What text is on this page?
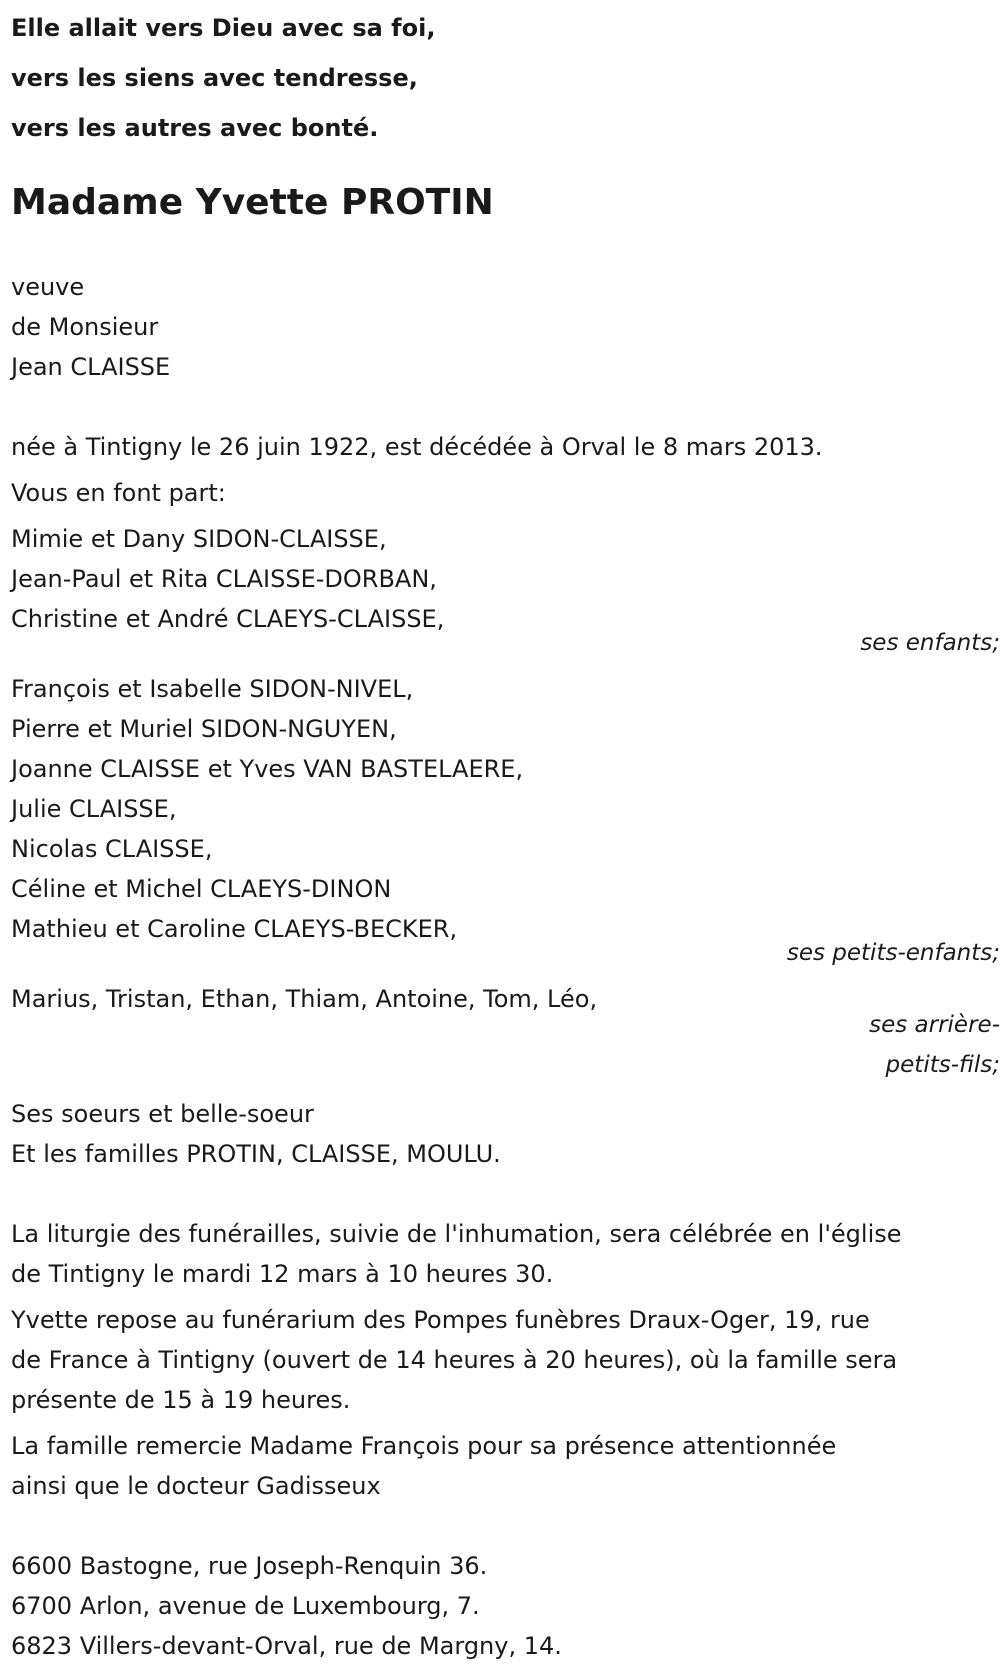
Elle allait vers Dieu avec sa foi,
vers les siens avec tendresse,
vers les autres avec bonté.
Madame Yvette PROTIN
veuve
de Monsieur
Jean CLAISSE
née à Tintigny le 26 juin 1922, est décédée à Orval le 8 mars 2013.
Vous en font part:
Mimie et Dany SIDON-CLAISSE,
Jean-Paul et Rita CLAISSE-DORBAN,
Christine et André CLAEYS-CLAISSE,
ses enfants;
François et Isabelle SIDON-NIVEL,
Pierre et Muriel SIDON-NGUYEN,
Joanne CLAISSE et Yves VAN BASTELAERE,
Julie CLAISSE,
Nicolas CLAISSE,
Céline et Michel CLAEYS-DINON
Mathieu et Caroline CLAEYS-BECKER,
ses petits-enfants;
Marius, Tristan, Ethan, Thiam, Antoine, Tom, Léo,
ses arrière-
petits-fils;
Ses soeurs et belle-soeur
Et les familles PROTIN, CLAISSE, MOULU.
La liturgie des funérailles, suivie de l'inhumation, sera célébrée en l'église
de Tintigny le mardi 12 mars à 10 heures 30.
Yvette repose au funérarium des Pompes funèbres Draux-Oger, 19, rue
de France à Tintigny (ouvert de 14 heures à 20 heures), où la famille sera
présente de 15 à 19 heures.
La famille remercie Madame François pour sa présence attentionnée
ainsi que le docteur Gadisseux
6600 Bastogne, rue Joseph-Renquin 36.
6700 Arlon, avenue de Luxembourg, 7.
6823 Villers-devant-Orval, rue de Margny, 14.
